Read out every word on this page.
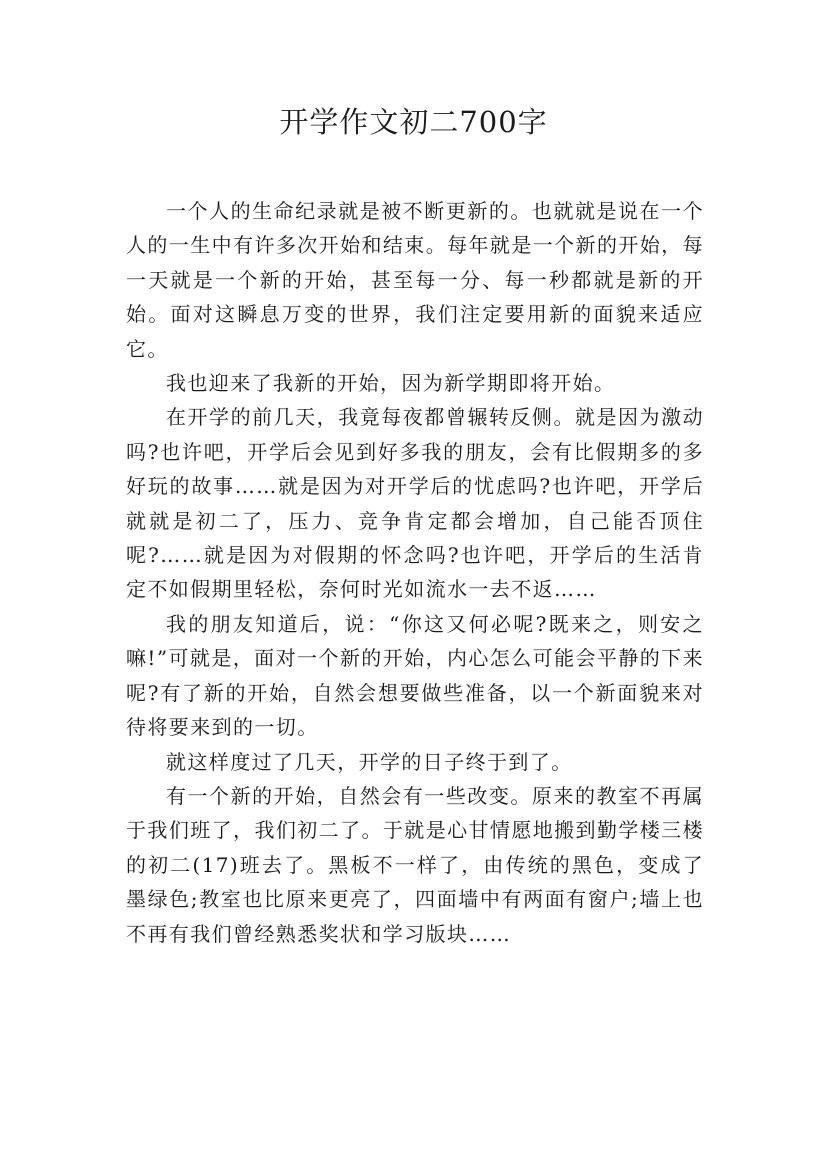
开学作文初二700字

一个人的生命纪录就是被不断更新的。也就就是说在一个人的一生中有许多次开始和结束。每年就是一个新的开始，每一天就是一个新的开始，甚至每一分、每一秒都就是新的开始。面对这瞬息万变的世界，我们注定要用新的面貌来适应它。

我也迎来了我新的开始，因为新学期即将开始。

在开学的前几天，我竟每夜都曾辗转反侧。就是因为激动吗?也许吧，开学后会见到好多我的朋友，会有比假期多的多好玩的故事……就是因为对开学后的忧虑吗?也许吧，开学后就就是初二了，压力、竞争肯定都会增加，自己能否顶住呢?……就是因为对假期的怀念吗?也许吧，开学后的生活肯定不如假期里轻松，奈何时光如流水一去不返……

我的朋友知道后，说：“你这又何必呢?既来之，则安之嘛!”可就是，面对一个新的开始，内心怎么可能会平静的下来呢?有了新的开始，自然会想要做些准备，以一个新面貌来对待将要来到的一切。

就这样度过了几天，开学的日子终于到了。

有一个新的开始，自然会有一些改变。原来的教室不再属于我们班了，我们初二了。于就是心甘情愿地搬到勤学楼三楼的初二(17)班去了。黑板不一样了，由传统的黑色，变成了墨绿色;教室也比原来更亮了，四面墙中有两面有窗户;墙上也不再有我们曾经熟悉奖状和学习版块……
